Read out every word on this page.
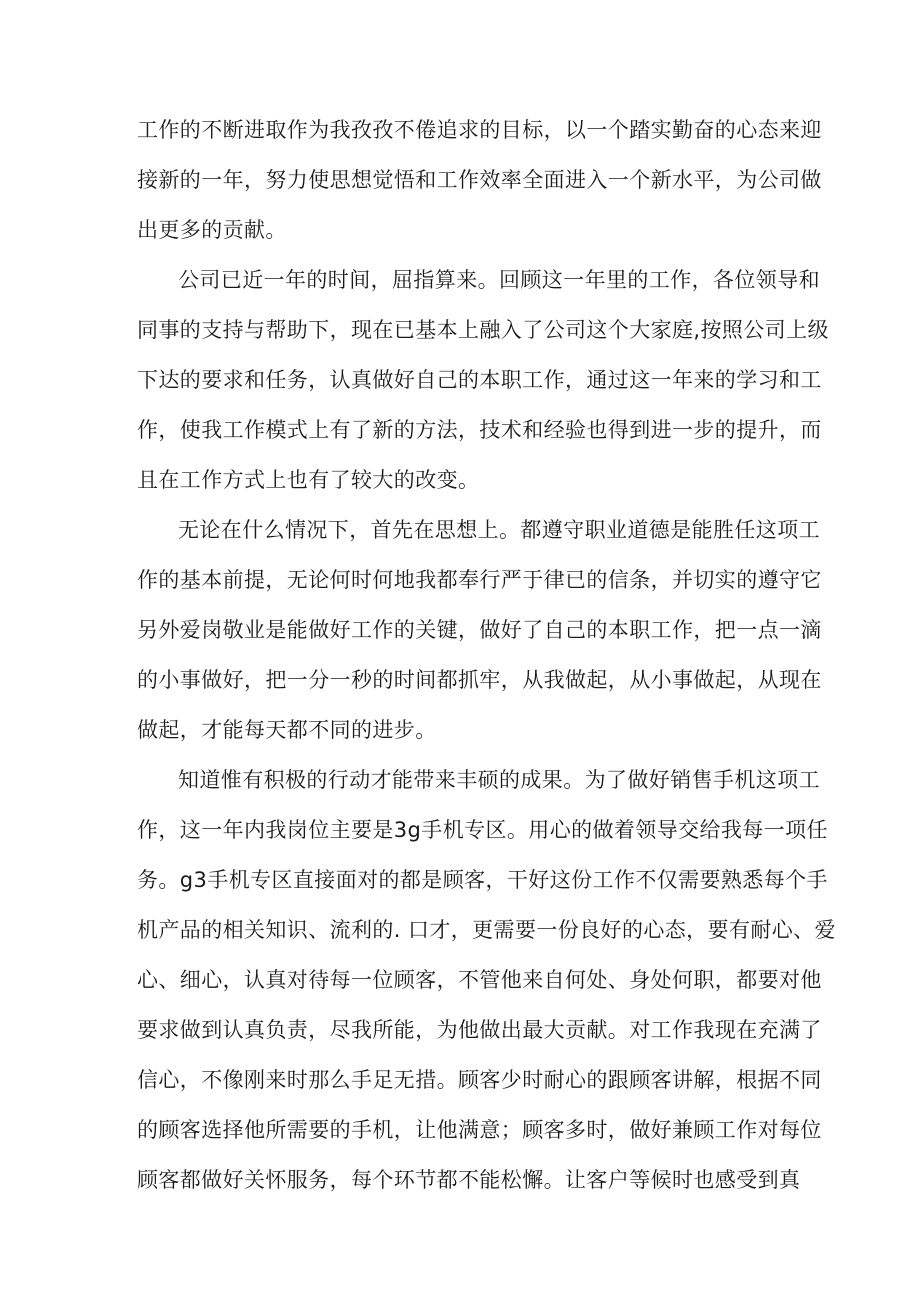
工作的不断进取作为我孜孜不倦追求的目标，以一个踏实勤奋的心态来迎
接新的一年，努力使思想觉悟和工作效率全面进入一个新水平，为公司做
出更多的贡献。
公司已近一年的时间，屈指算来。回顾这一年里的工作，各位领导和
同事的支持与帮助下，现在已基本上融入了公司这个大家庭,按照公司上级
下达的要求和任务，认真做好自己的本职工作，通过这一年来的学习和工
作，使我工作模式上有了新的方法，技术和经验也得到进一步的提升，而
且在工作方式上也有了较大的改变。
无论在什么情况下，首先在思想上。都遵守职业道德是能胜任这项工
作的基本前提，无论何时何地我都奉行严于律已的信条，并切实的遵守它
另外爱岗敬业是能做好工作的关键，做好了自己的本职工作，把一点一滴
的小事做好，把一分一秒的时间都抓牢，从我做起，从小事做起，从现在
做起，才能每天都不同的进步。
知道惟有积极的行动才能带来丰硕的成果。为了做好销售手机这项工
作，这一年内我岗位主要是3g手机专区。用心的做着领导交给我每一项任
务。g3手机专区直接面对的都是顾客，干好这份工作不仅需要熟悉每个手
机产品的相关知识、流利的. 口才，更需要一份良好的心态，要有耐心、爱
心、细心，认真对待每一位顾客，不管他来自何处、身处何职，都要对他
要求做到认真负责，尽我所能，为他做出最大贡献。对工作我现在充满了
信心，不像刚来时那么手足无措。顾客少时耐心的跟顾客讲解，根据不同
的顾客选择他所需要的手机，让他满意；顾客多时，做好兼顾工作对每位
顾客都做好关怀服务，每个环节都不能松懈。让客户等候时也感受到真
